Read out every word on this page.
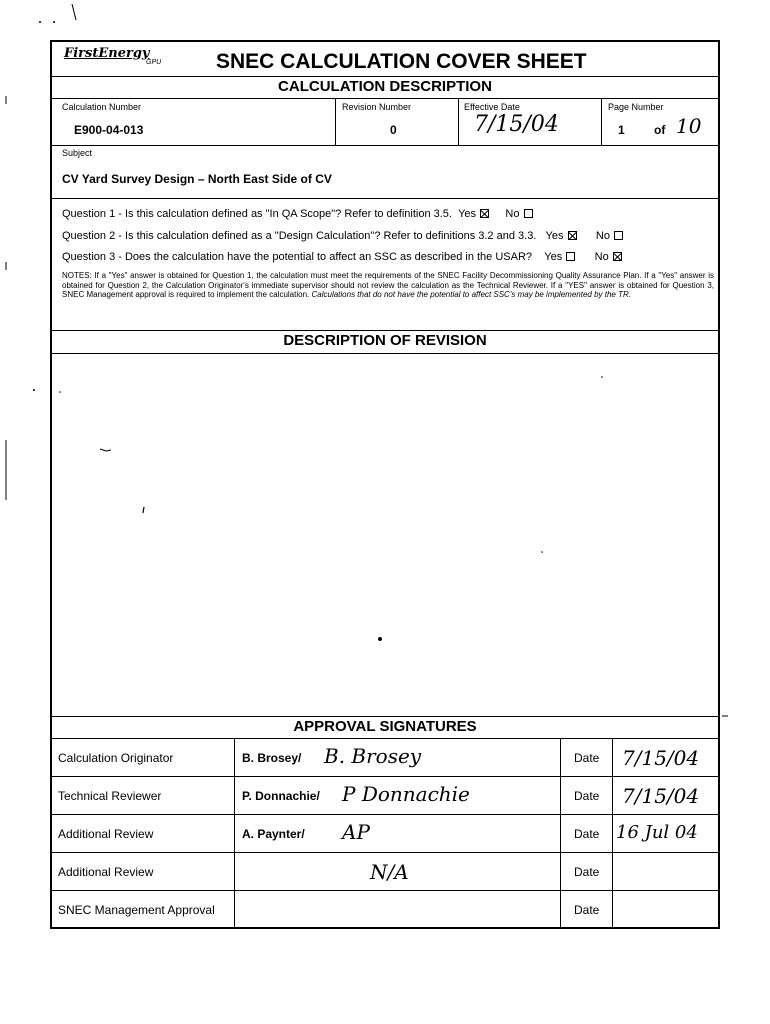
FirstEnergy
GPU	SNEC CALCULATION COVER SHEET
CALCULATION DESCRIPTION
Calculation Number
E900-04-013
Revision Number
0
Effective Date
7/15/04
Page Number
1 of 10
Subject
CV Yard Survey Design – North East Side of CV
Question 1 - Is this calculation defined as "In QA Scope"? Refer to definition 3.5. Yes	No
Question 2 - Is this calculation defined as a "Design Calculation"? Refer to definitions 3.2 and 3.3. Yes	No
Question 3 - Does the calculation have the potential to affect an SSC as described in the USAR? Yes	No
NOTES: If a "Yes" answer is obtained for Question 1, the calculation must meet the requirements of the SNEC Facility Decommissioning Quality Assurance Plan. If a "Yes" answer is obtained for Question 2, the Calculation Originator's immediate supervisor should not review the calculation as the Technical Reviewer. If a "YES" answer is obtained for Question 3, SNEC Management approval is required to implement the calculation. Calculations that do not have the potential to affect SSC's may be implemented by the TR.
DESCRIPTION OF REVISION
APPROVAL SIGNATURES
Calculation Originator	B. Brosey/ B. Brosey	Date 7/15/04
Technical Reviewer	P. Donnachie/ P Donnachie	Date 7/15/04
Additional Review	A. Paynter/ AP	Date 16 Jul 04
Additional Review	N/A	Date
SNEC Management Approval	Date
